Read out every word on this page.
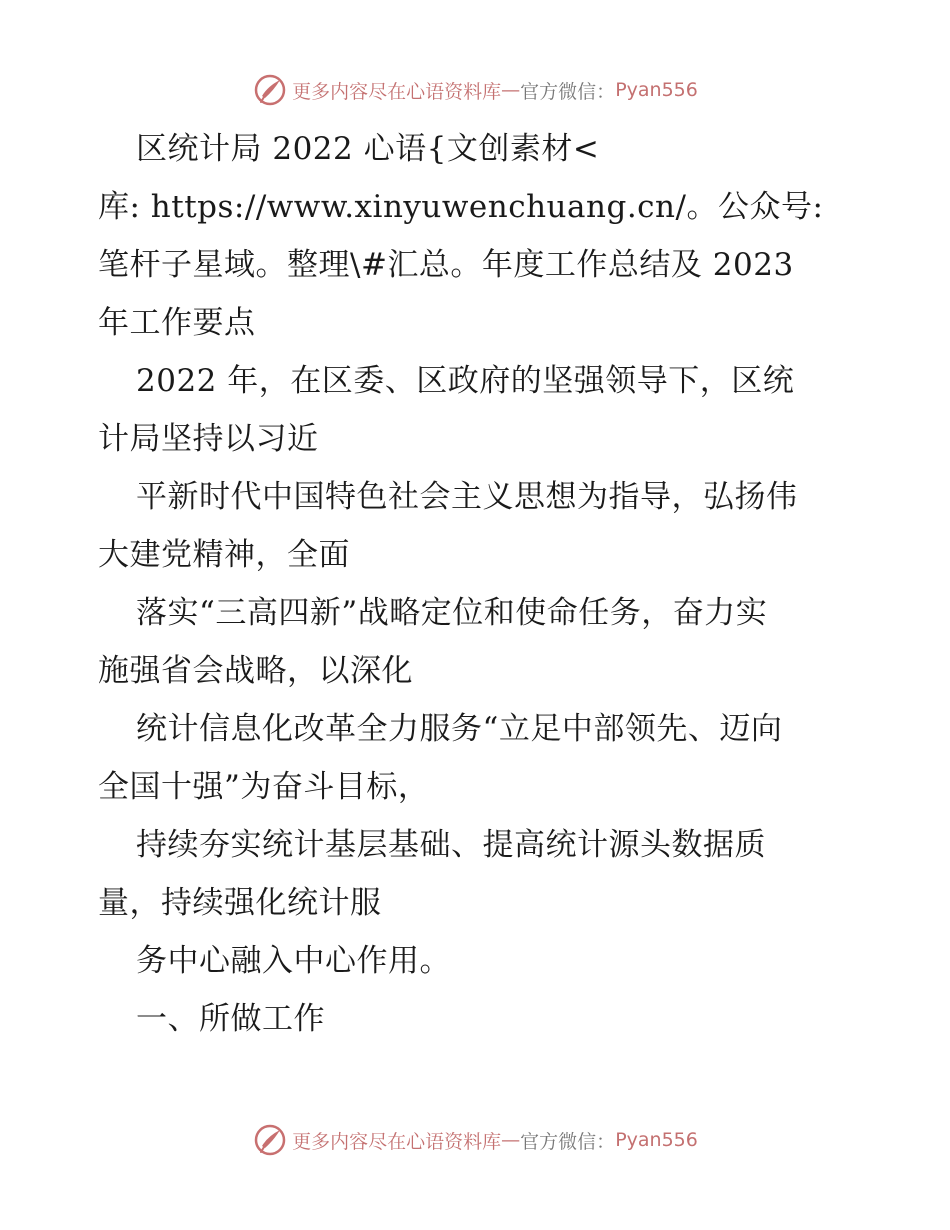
更多内容尽在心语资料库 — 官方微信： Pyan556
区统计局 2022 心语{文创素材<
库: https://www.xinyuwenchuang.cn/。公众号:
笔杆子星域。整理\#汇总。年度工作总结及 2023
年工作要点
2022 年，在区委、区政府的坚强领导下，区统
计局坚持以习近
平新时代中国特色社会主义思想为指导，弘扬伟
大建党精神，全面
落实“三高四新”战略定位和使命任务，奋力实
施强省会战略，以深化
统计信息化改革全力服务“立足中部领先、迈向
全国十强”为奋斗目标，
持续夯实统计基层基础、提高统计源头数据质
量，持续强化统计服
务中心融入中心作用。
一、所做工作
更多内容尽在心语资料库 — 官方微信： Pyan556
